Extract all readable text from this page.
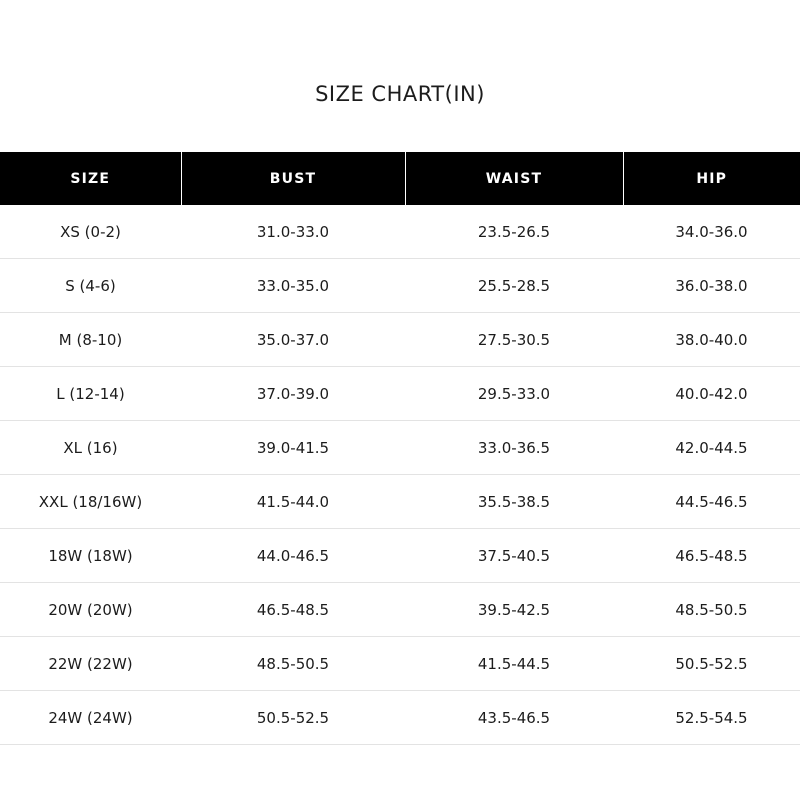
SIZE CHART(IN)
SIZE	BUST	WAIST	HIP
XS (0-2)	31.0-33.0	23.5-26.5	34.0-36.0
S (4-6)	33.0-35.0	25.5-28.5	36.0-38.0
M (8-10)	35.0-37.0	27.5-30.5	38.0-40.0
L (12-14)	37.0-39.0	29.5-33.0	40.0-42.0
XL (16)	39.0-41.5	33.0-36.5	42.0-44.5
XXL (18/16W)	41.5-44.0	35.5-38.5	44.5-46.5
18W (18W)	44.0-46.5	37.5-40.5	46.5-48.5
20W (20W)	46.5-48.5	39.5-42.5	48.5-50.5
22W (22W)	48.5-50.5	41.5-44.5	50.5-52.5
24W (24W)	50.5-52.5	43.5-46.5	52.5-54.5
